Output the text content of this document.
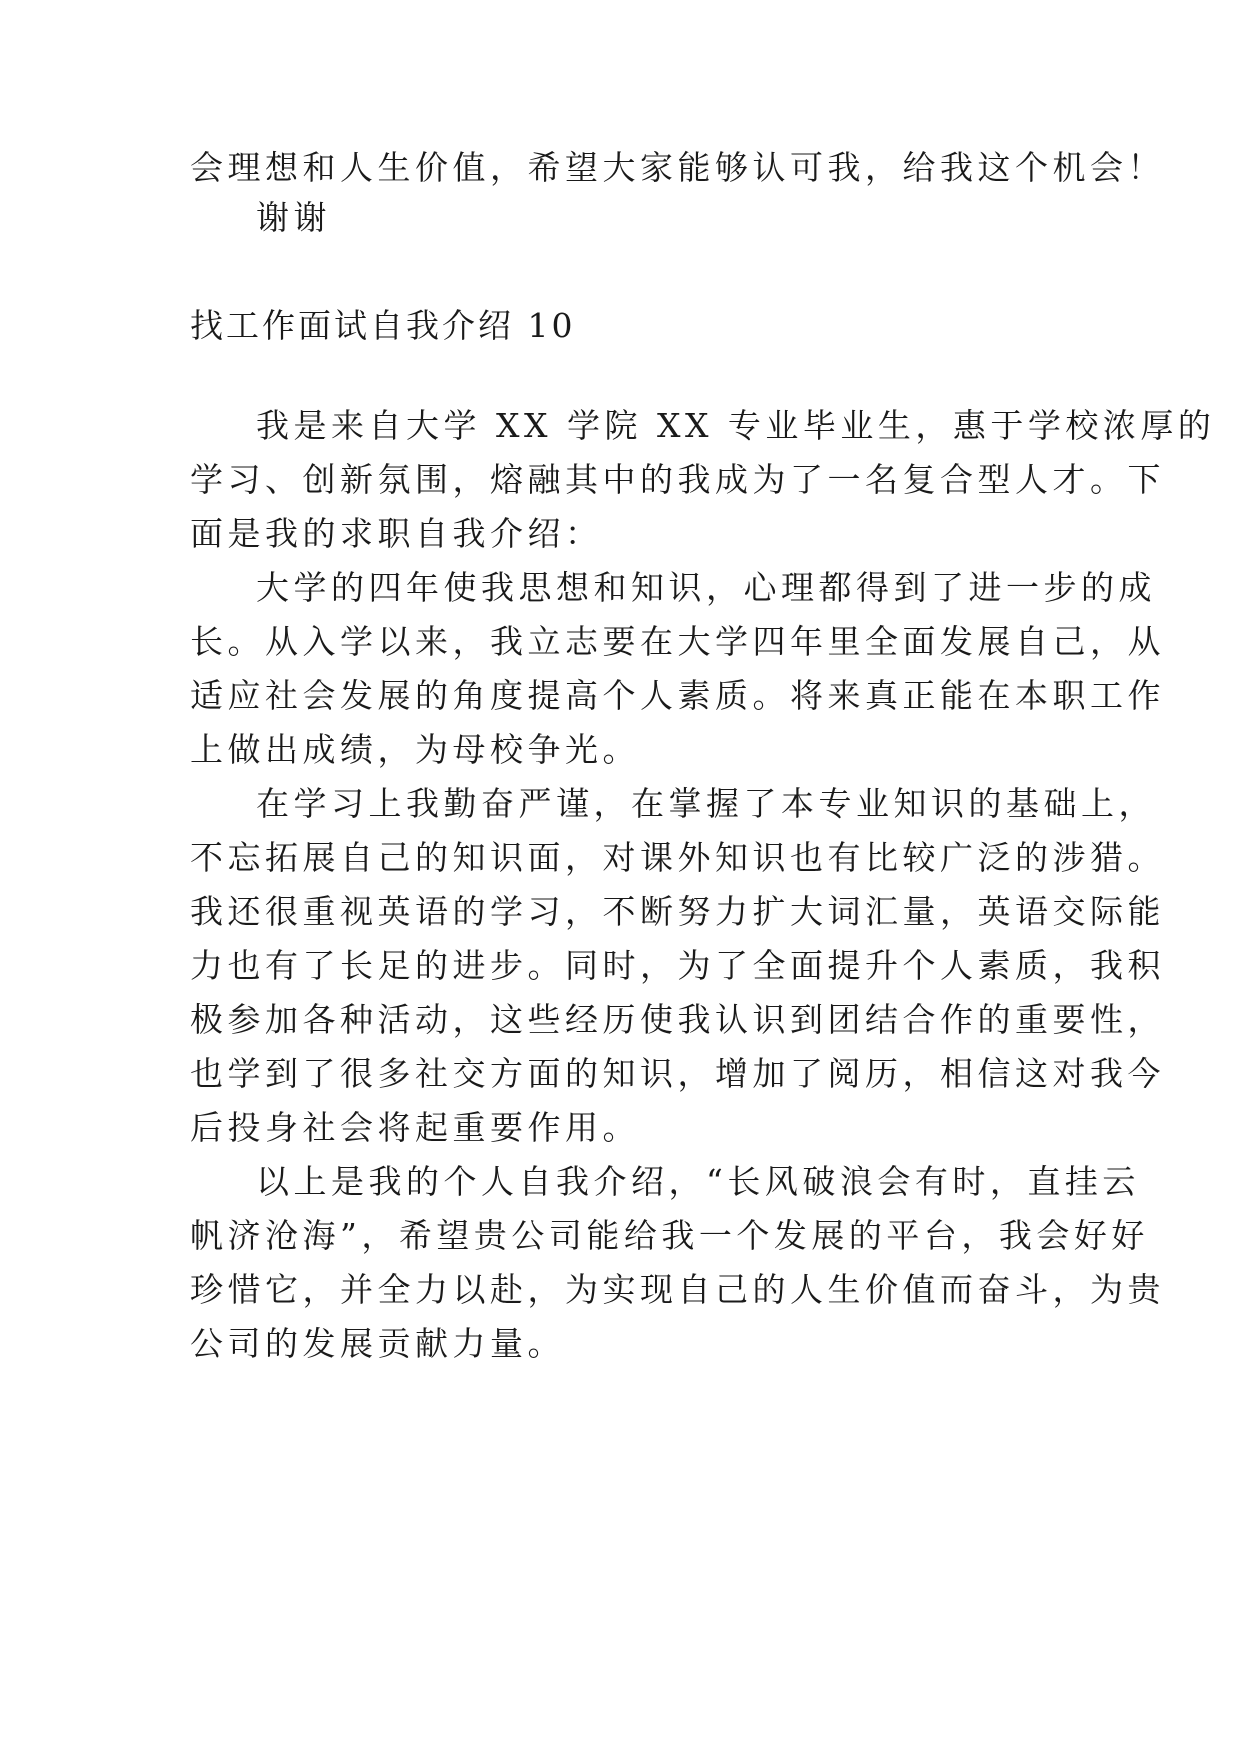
会理想和人生价值，希望大家能够认可我，给我这个机会！
谢谢
找工作面试自我介绍 10
我是来自大学 XX 学院 XX 专业毕业生，惠于学校浓厚的
学习、创新氛围，熔融其中的我成为了一名复合型人才。下
面是我的求职自我介绍：
大学的四年使我思想和知识，心理都得到了进一步的成
长。从入学以来，我立志要在大学四年里全面发展自己，从
适应社会发展的角度提高个人素质。将来真正能在本职工作
上做出成绩，为母校争光。
在学习上我勤奋严谨，在掌握了本专业知识的基础上，
不忘拓展自己的知识面，对课外知识也有比较广泛的涉猎。
我还很重视英语的学习，不断努力扩大词汇量，英语交际能
力也有了长足的进步。同时，为了全面提升个人素质，我积
极参加各种活动，这些经历使我认识到团结合作的重要性，
也学到了很多社交方面的知识，增加了阅历，相信这对我今
后投身社会将起重要作用。
以上是我的个人自我介绍，“长风破浪会有时，直挂云
帆济沧海”，希望贵公司能给我一个发展的平台，我会好好
珍惜它，并全力以赴，为实现自己的人生价值而奋斗，为贵
公司的发展贡献力量。
